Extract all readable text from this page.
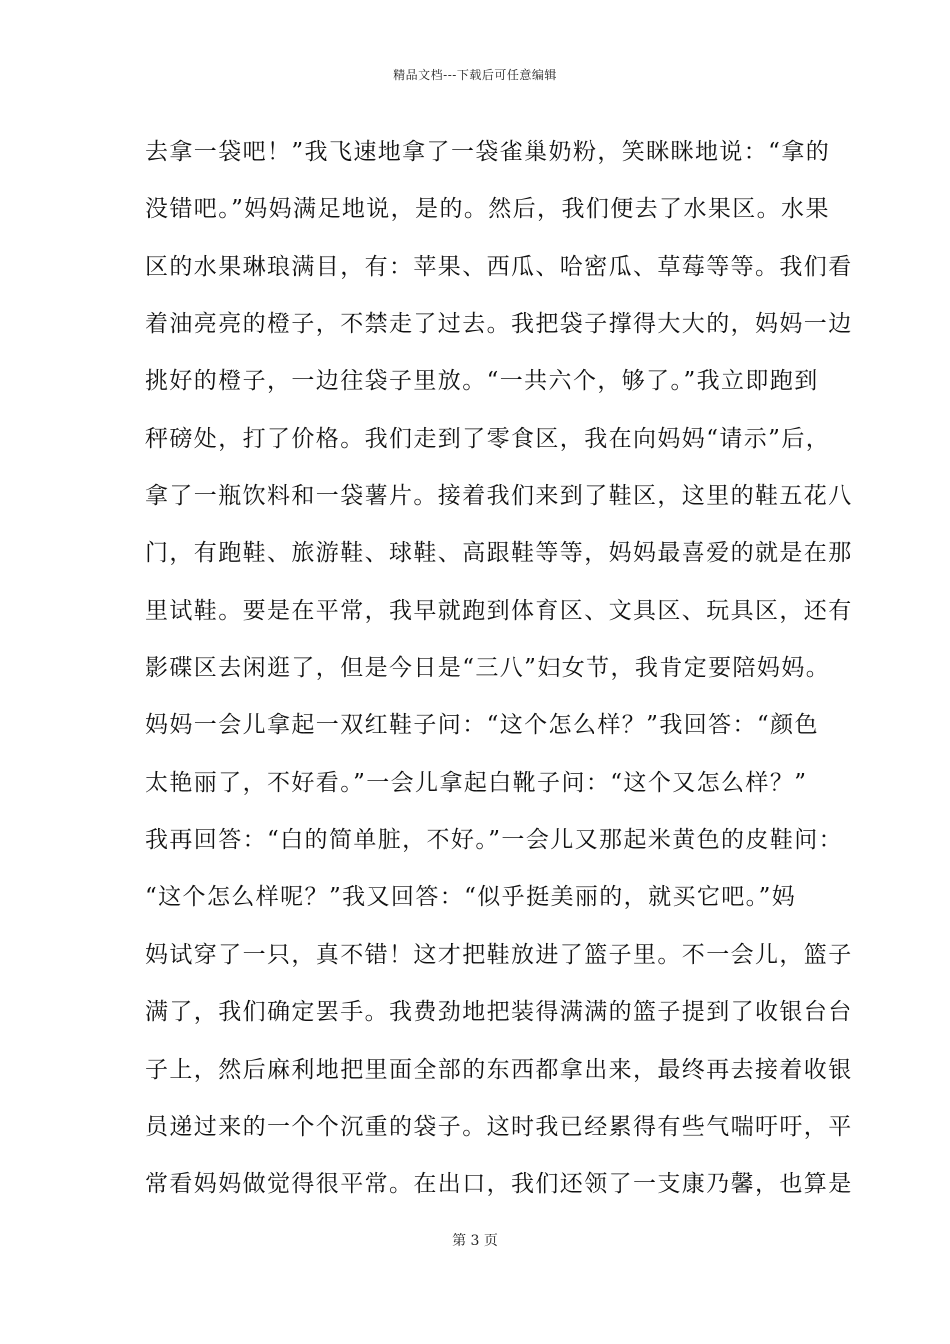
精品文档---下载后可任意编辑
去拿一袋吧！”我飞速地拿了一袋雀巢奶粉，笑眯眯地说：“拿的
没错吧。”妈妈满足地说，是的。然后，我们便去了水果区。水果
区的水果琳琅满目，有：苹果、西瓜、哈密瓜、草莓等等。我们看
着油亮亮的橙子，不禁走了过去。我把袋子撑得大大的，妈妈一边
挑好的橙子，一边往袋子里放。“一共六个，够了。”我立即跑到
秤磅处，打了价格。我们走到了零食区，我在向妈妈“请示”后，
拿了一瓶饮料和一袋薯片。接着我们来到了鞋区，这里的鞋五花八
门，有跑鞋、旅游鞋、球鞋、高跟鞋等等，妈妈最喜爱的就是在那
里试鞋。要是在平常，我早就跑到体育区、文具区、玩具区，还有
影碟区去闲逛了，但是今日是“三八”妇女节，我肯定要陪妈妈。
妈妈一会儿拿起一双红鞋子问：“这个怎么样？”我回答：“颜色
太艳丽了，不好看。”一会儿拿起白靴子问：“这个又怎么样？”
我再回答：“白的简单脏，不好。”一会儿又那起米黄色的皮鞋问：
“这个怎么样呢？”我又回答：“似乎挺美丽的，就买它吧。”妈
妈试穿了一只，真不错！这才把鞋放进了篮子里。不一会儿，篮子
满了，我们确定罢手。我费劲地把装得满满的篮子提到了收银台台
子上，然后麻利地把里面全部的东西都拿出来，最终再去接着收银
员递过来的一个个沉重的袋子。这时我已经累得有些气喘吁吁，平
常看妈妈做觉得很平常。在出口，我们还领了一支康乃馨，也算是
第 3 页
